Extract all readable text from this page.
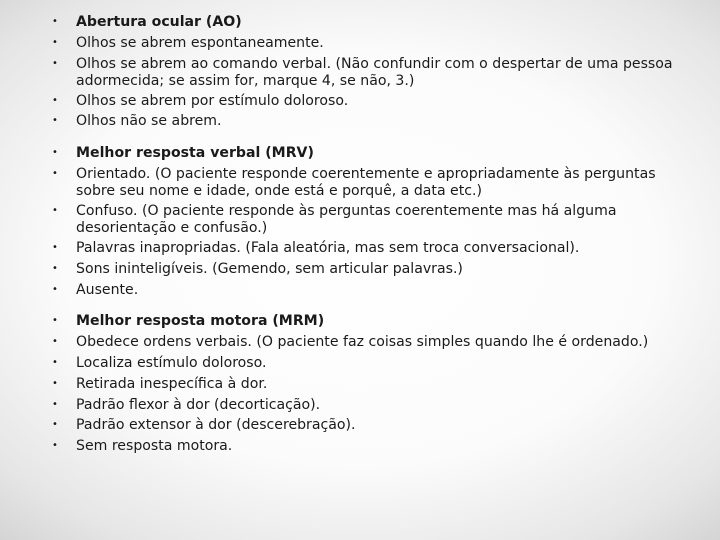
• Abertura ocular (AO)
• Olhos se abrem espontaneamente.
• Olhos se abrem ao comando verbal. (Não confundir com o despertar de uma pessoa adormecida; se assim for, marque 4, se não, 3.)
• Olhos se abrem por estímulo doloroso.
• Olhos não se abrem.
• Melhor resposta verbal (MRV)
• Orientado. (O paciente responde coerentemente e apropriadamente às perguntas sobre seu nome e idade, onde está e porquê, a data etc.)
• Confuso. (O paciente responde às perguntas coerentemente mas há alguma desorientação e confusão.)
• Palavras inapropriadas. (Fala aleatória, mas sem troca conversacional).
• Sons ininteligíveis. (Gemendo, sem articular palavras.)
• Ausente.
• Melhor resposta motora (MRM)
• Obedece ordens verbais. (O paciente faz coisas simples quando lhe é ordenado.)
• Localiza estímulo doloroso.
• Retirada inespecífica à dor.
• Padrão flexor à dor (decorticação).
• Padrão extensor à dor (descerebração).
• Sem resposta motora.
